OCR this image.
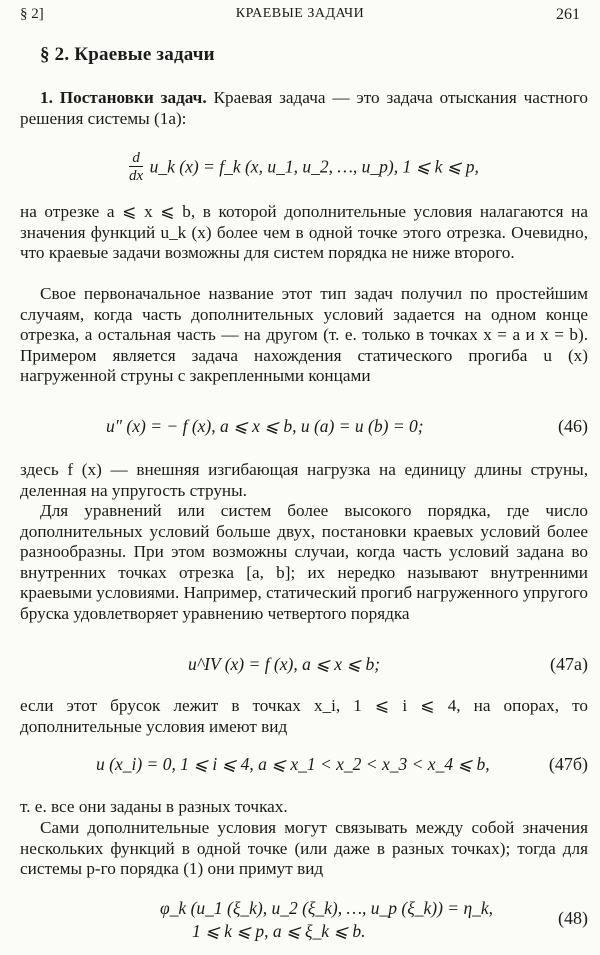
§ 2]	КРАЕВЫЕ ЗАДАЧИ	261
§ 2. Краевые задачи

1. Постановки задач. Краевая задача — это задача отыскания частного решения системы (1а):

$\frac{d}{dx}$ u_k (x) = f_k (x, u_1, u_2, …, u_p), 1 ⩽ k ⩽ p,

на отрезке a ⩽ x ⩽ b, в которой дополнительные условия налагаются на значения функций u_k (x) более чем в одной точке этого отрезка. Очевидно, что краевые задачи возможны для систем порядка не ниже второго.

Свое первоначальное название этот тип задач получил по простейшим случаям, когда часть дополнительных условий задается на одном конце отрезка, а остальная часть — на другом (т. е. только в точках x = a и x = b). Примером является задача нахождения статического прогиба u (x) нагруженной струны с закрепленными концами

u″ (x) = − f (x), a ⩽ x ⩽ b, u (a) = u (b) = 0;	(46)

здесь f (x) — внешняя изгибающая нагрузка на единицу длины струны, деленная на упругость струны.

Для уравнений или систем более высокого порядка, где число дополнительных условий больше двух, постановки краевых условий более разнообразны. При этом возможны случаи, когда часть условий задана во внутренних точках отрезка [a, b]; их нередко называют внутренними краевыми условиями. Например, статический прогиб нагруженного упругого бруска удовлетворяет уравнению четвертого порядка

u^IV (x) = f (x), a ⩽ x ⩽ b;	(47а)

если этот брусок лежит в точках x_i, 1 ⩽ i ⩽ 4, на опорах, то дополнительные условия имеют вид

u (x_i) = 0, 1 ⩽ i ⩽ 4, a ⩽ x_1 < x_2 < x_3 < x_4 ⩽ b,	(47б)

т. е. все они заданы в разных точках.

Сами дополнительные условия могут связывать между собой значения нескольких функций в одной точке (или даже в разных точках); тогда для системы p-го порядка (1) они примут вид

φ_k (u_1 (ξ_k), u_2 (ξ_k), …, u_p (ξ_k)) = η_k,
1 ⩽ k ⩽ p, a ⩽ ξ_k ⩽ b.
(48)
